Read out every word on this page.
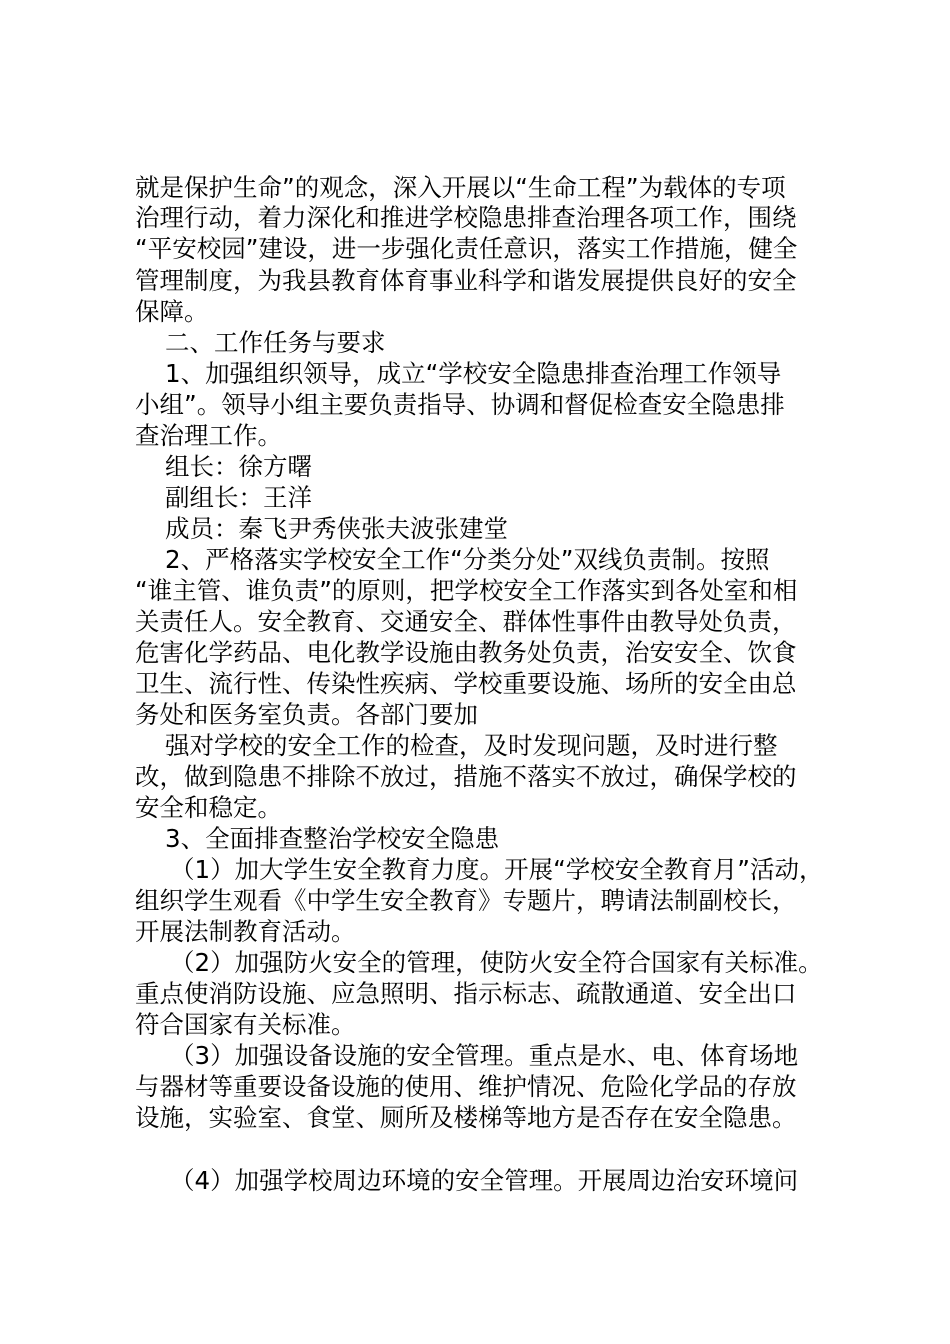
就是保护生命”的观念，深入开展以“生命工程”为载体的专项
治理行动，着力深化和推进学校隐患排查治理各项工作，围绕
“平安校园”建设，进一步强化责任意识，落实工作措施，健全
管理制度，为我县教育体育事业科学和谐发展提供良好的安全
保障。
二、工作任务与要求
1、加强组织领导，成立“学校安全隐患排查治理工作领导
小组”。领导小组主要负责指导、协调和督促检查安全隐患排
查治理工作。
组长：徐方曙
副组长：王洋
成员：秦飞尹秀侠张夫波张建堂
2、严格落实学校安全工作“分类分处”双线负责制。按照
“谁主管、谁负责”的原则，把学校安全工作落实到各处室和相
关责任人。安全教育、交通安全、群体性事件由教导处负责，
危害化学药品、电化教学设施由教务处负责，治安安全、饮食
卫生、流行性、传染性疾病、学校重要设施、场所的安全由总
务处和医务室负责。各部门要加
强对学校的安全工作的检查，及时发现问题，及时进行整
改，做到隐患不排除不放过，措施不落实不放过，确保学校的
安全和稳定。
3、全面排查整治学校安全隐患
（1）加大学生安全教育力度。开展“学校安全教育月”活动，
组织学生观看《中学生安全教育》专题片，聘请法制副校长，
开展法制教育活动。
（2）加强防火安全的管理，使防火安全符合国家有关标准。
重点使消防设施、应急照明、指示标志、疏散通道、安全出口
符合国家有关标准。
（3）加强设备设施的安全管理。重点是水、电、体育场地
与器材等重要设备设施的使用、维护情况、危险化学品的存放
设施，实验室、食堂、厕所及楼梯等地方是否存在安全隐患。
（4）加强学校周边环境的安全管理。开展周边治安环境问
